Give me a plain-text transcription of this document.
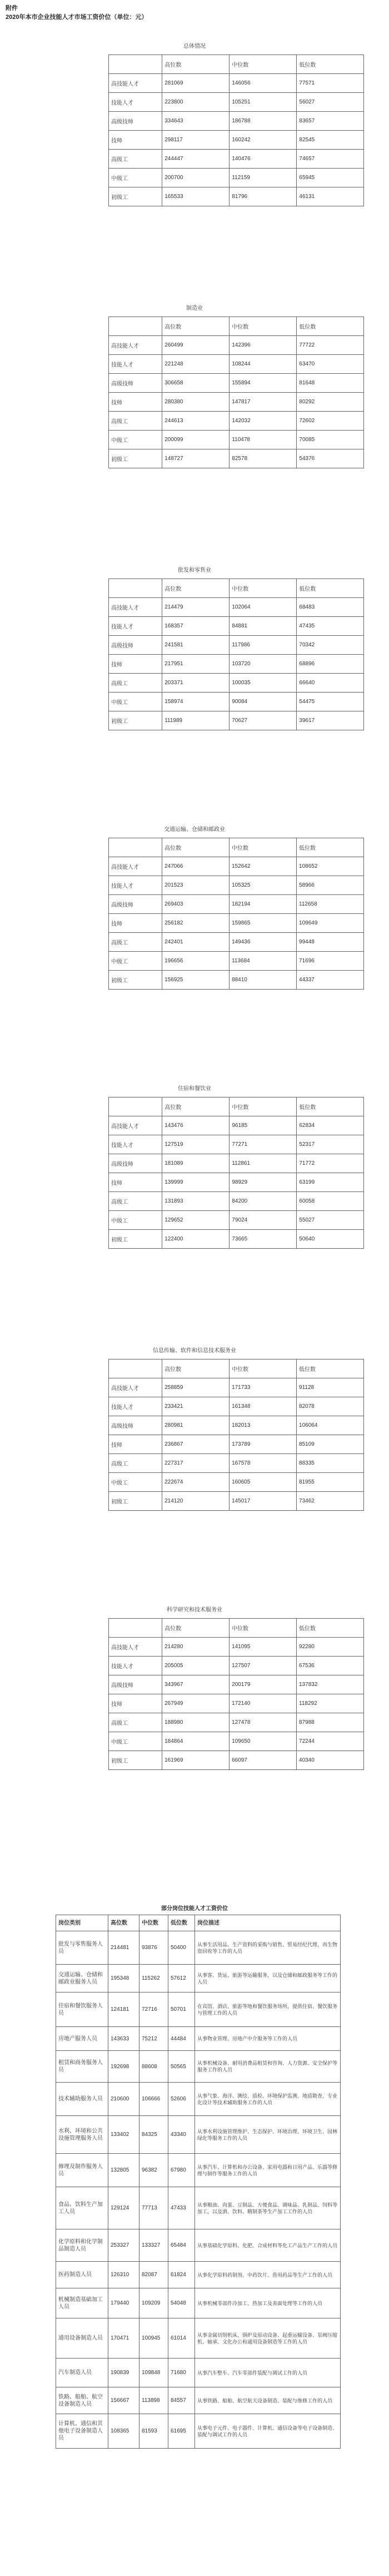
附件
2020年本市企业技能人才市场工资价位（单位：元）
总体情况
	高位数	中位数	低位数
高技能人才	281069	146056	77571
技能人才	223800	105251	56027
高级技师	334643	186788	83657
技师	298117	160242	82545
高级工	244447	140476	74657
中级工	200700	112159	65945
初级工	165533	81796	46131
制造业
	高位数	中位数	低位数
高技能人才	260499	142396	77722
技能人才	221248	108244	63470
高级技师	306658	155894	81648
技师	280380	147817	80292
高级工	244613	142032	72602
中级工	200099	110478	70085
初级工	148727	82578	54376
批发和零售业
	高位数	中位数	低位数
高技能人才	214479	102064	68483
技能人才	168357	84881	47435
高级技师	241581	117986	70342
技师	217951	103720	68896
高级工	203371	100035	66640
中级工	158974	90084	54475
初级工	111989	70627	39617
交通运输、仓储和邮政业
	高位数	中位数	低位数
高技能人才	247066	152642	108652
技能人才	201523	105325	58966
高级技师	269403	182194	112658
技师	256182	159865	109649
高级工	242401	149436	99448
中级工	196656	113684	71696
初级工	156925	88410	44337
住宿和餐饮业
	高位数	中位数	低位数
高技能人才	143476	96185	62834
技能人才	127519	77271	52317
高级技师	181089	112861	71772
技师	139999	98929	63199
高级工	131893	84200	60058
中级工	129652	79024	55027
初级工	122400	73665	50640
信息传输、软件和信息技术服务业
	高位数	中位数	低位数
高技能人才	258859	171733	91128
技能人才	233421	161348	82078
高级技师	280981	182013	106064
技师	236867	173789	85109
高级工	227317	167578	88335
中级工	222674	160605	81955
初级工	214120	145017	73462
科学研究和技术服务业
	高位数	中位数	低位数
高技能人才	214280	141095	92280
技能人才	205005	127507	67536
高级技师	343967	200179	137832
技师	267949	172140	118292
高级工	188980	127478	87988
中级工	184864	109650	72244
初级工	161969	66097	40340
部分岗位技能人才工资价位
岗位类别	高位数	中位数	低位数	岗位描述
批发与零售服务人员	214481	93876	50400	从事生活用品、生产资料的采购与销售、贸易经纪代理、再生物资回收等工作的人员
交通运输、仓储和邮政业服务人员	195348	115262	57612	从事客、货运、旅游等运输服务，以及仓储和邮政服务等工作的人员
住宿和餐饮服务人员	124181	72716	50701	在宾馆、酒店、旅游等地和餐饮服务场所，提供住宿、餐饮服务与管理工作的人员
房地产服务人员	143633	75212	44484	从事物业管理、房地产中介服务等工作的人员
租赁和商务服务人员	192698	88608	50565	从事机械设备、耐用消费品租赁和咨询、人力资源、安全保护等服务工作的人员
技术辅助服务人员	210600	106666	52606	从事气象、海洋、测绘、质检、环境保护监测、地质勘查、专业化设计等技术辅助服务工作的人员
水利、环境和公共设施管理服务人员	133402	84325	43340	从事水利设施管理维护、生态保护、环境治理、环境卫生、园林绿化等服务工作的人员
修理及制作服务人员	132805	96382	67980	从事汽车、计算机和办公设备、家用电器和日用产品、乐器等修理与制作等服务工作的人员
食品、饮料生产加工人员	129124	77713	47433	从事粮油、肉蛋、豆制品、方便食品、调味品、乳制品、饲料等加工，以及酒、饮料、精制茶等生产加工工作的人员
化学原料和化学制品制造人员	253327	133327	65484	从事基础化学原料、化肥、合成材料等化工产品生产工作的人员
医药制造人员	126310	82087	61824	从事化学原料药制剂、中药饮片、兽用药品等生产工作的人员
机械制造基础加工人员	179440	109209	54048	从事机械零部件冷加工、热加工及表面处理等工作的人员
通用设备制造人员	170471	100945	61014	从事金属切削机床、锅炉及原动设备、起重运输设备、泵阀压缩机、轴承、文化办公和通用设备制造等工作的人员
汽车制造人员	190839	109848	71680	从事汽车整车、汽车零部件装配与调试工作的人员
铁路、船舶、航空设备制造人员	156667	113898	84557	从事铁路、船舶、航空航天设备制造、装配与维修工作的人员
计算机、通信和其他电子设备制造人员	108365	81593	61695	从事电子元件、电子器件、计算机、通信设备等电子设备制造、装配与调试工作的人员
